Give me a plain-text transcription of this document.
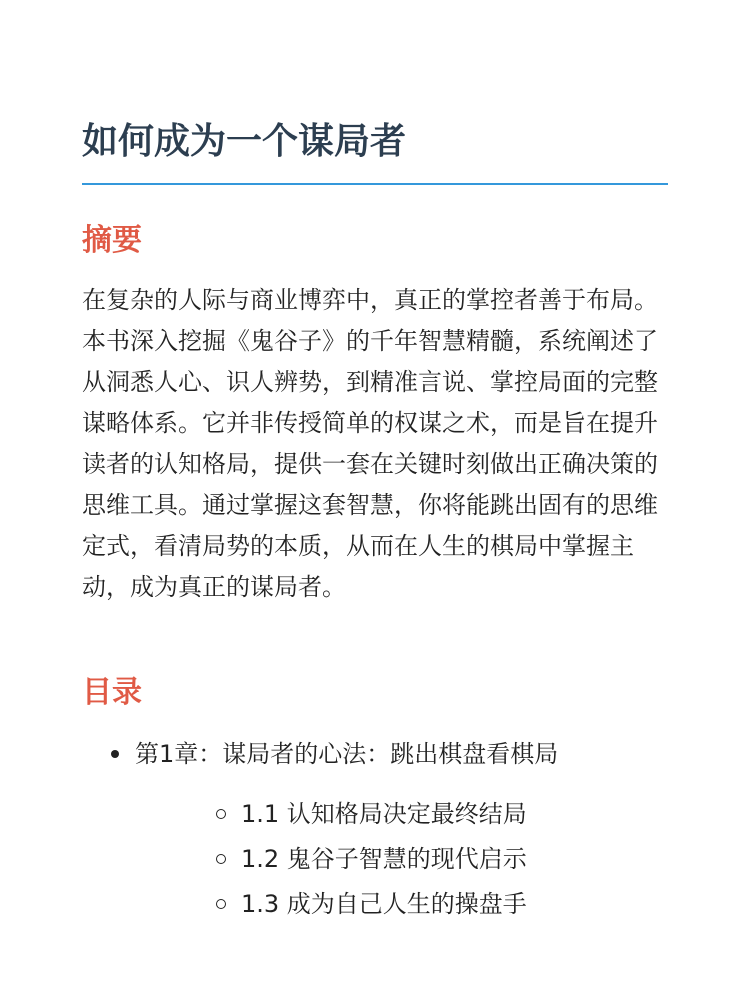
如何成为一个谋局者
摘要

在复杂的人际与商业博弈中，真正的掌控者善于布局。本书深入挖掘《鬼谷子》的千年智慧精髓，系统阐述了从洞悉人心、识人辨势，到精准言说、掌控局面的完整谋略体系。它并非传授简单的权谋之术，而是旨在提升读者的认知格局，提供一套在关键时刻做出正确决策的思维工具。通过掌握这套智慧，你将能跳出固有的思维定式，看清局势的本质，从而在人生的棋局中掌握主动，成为真正的谋局者。

目录
第1章：谋局者的心法：跳出棋盘看棋局
1.1 认知格局决定最终结局
1.2 鬼谷子智慧的现代启示
1.3 成为自己人生的操盘手
